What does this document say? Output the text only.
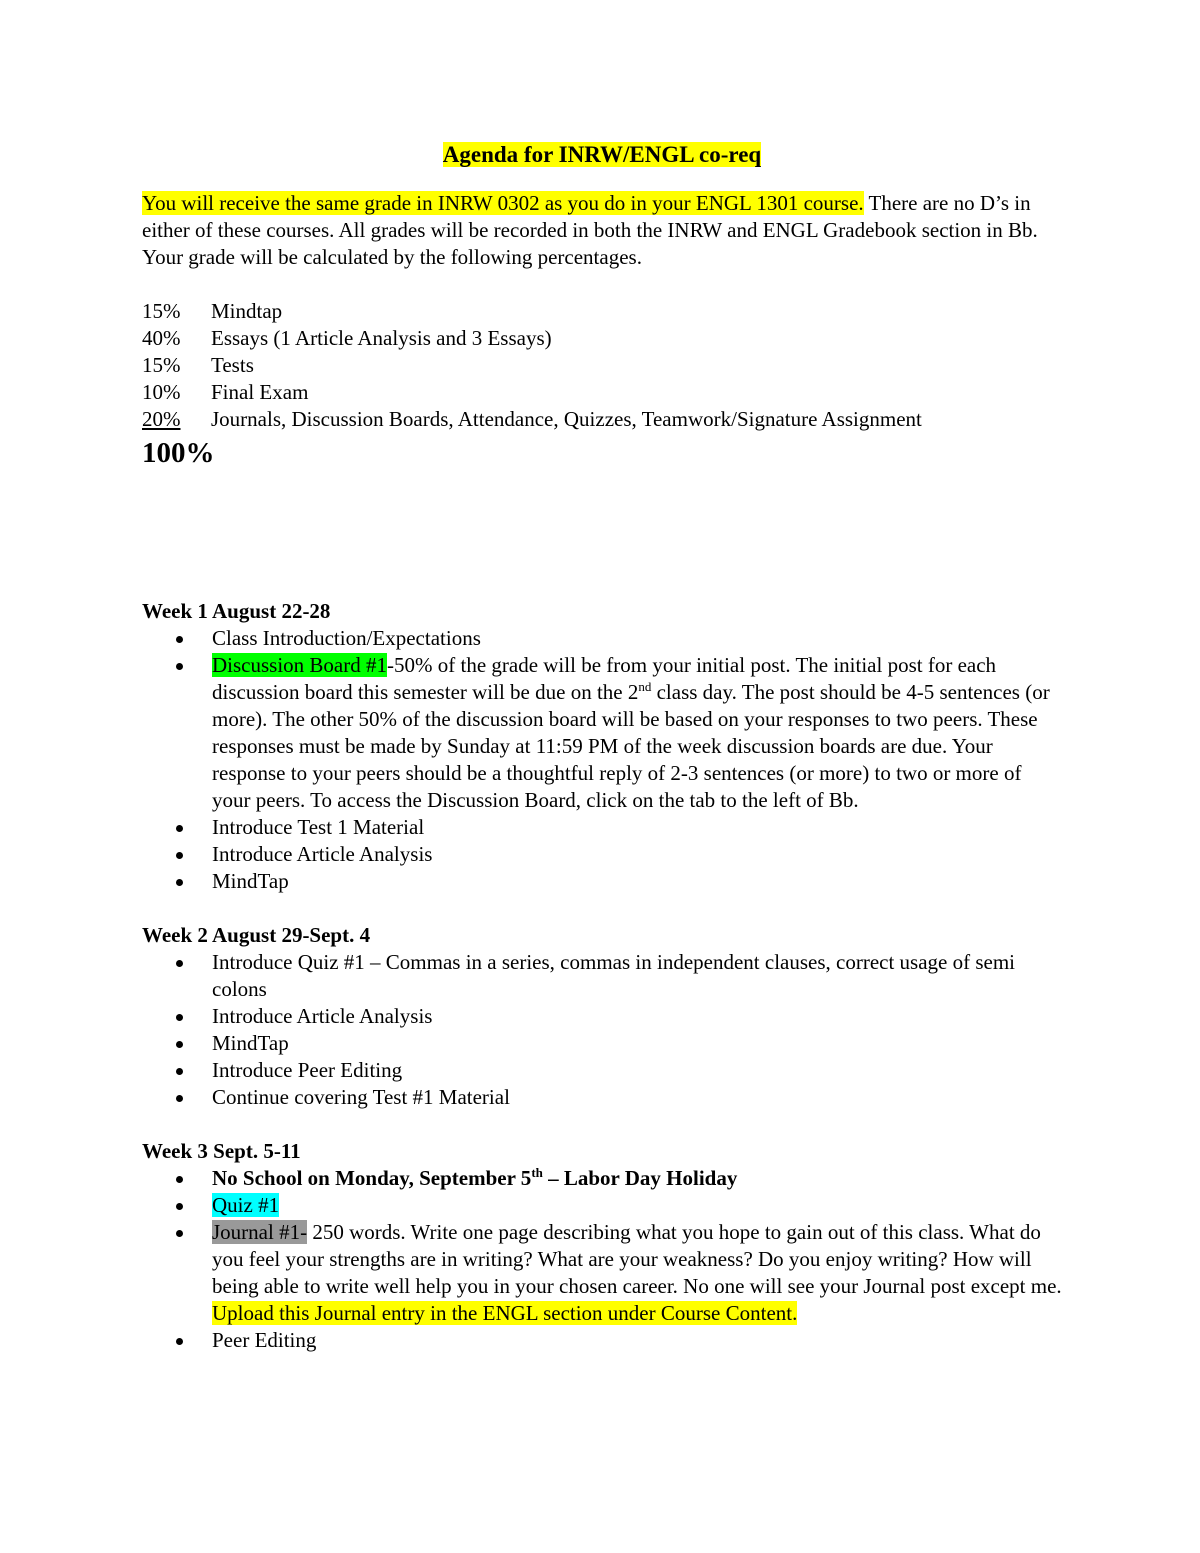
Agenda for INRW/ENGL co-req

You will receive the same grade in INRW 0302 as you do in your ENGL 1301 course. There are no D’s in either of these courses. All grades will be recorded in both the INRW and ENGL Gradebook section in Bb. Your grade will be calculated by the following percentages.

15%	Mindtap
40%	Essays (1 Article Analysis and 3 Essays)
15%	Tests
10%	Final Exam
20%	Journals, Discussion Boards, Attendance, Quizzes, Teamwork/Signature Assignment
100%

Week 1 August 22-28

Class Introduction/Expectations
Discussion Board #1-50% of the grade will be from your initial post. The initial post for each discussion board this semester will be due on the 2nd class day. The post should be 4-5 sentences (or more). The other 50% of the discussion board will be based on your responses to two peers. These responses must be made by Sunday at 11:59 PM of the week discussion boards are due. Your response to your peers should be a thoughtful reply of 2-3 sentences (or more) to two or more of your peers. To access the Discussion Board, click on the tab to the left of Bb.
Introduce Test 1 Material
Introduce Article Analysis
MindTap

Week 2 August 29-Sept. 4

Introduce Quiz #1 – Commas in a series, commas in independent clauses, correct usage of semi colons
Introduce Article Analysis
MindTap
Introduce Peer Editing
Continue covering Test #1 Material

Week 3 Sept. 5-11

No School on Monday, September 5th – Labor Day Holiday
Quiz #1
Journal #1- 250 words. Write one page describing what you hope to gain out of this class. What do you feel your strengths are in writing? What are your weakness? Do you enjoy writing? How will being able to write well help you in your chosen career. No one will see your Journal post except me. Upload this Journal entry in the ENGL section under Course Content.
Peer Editing
